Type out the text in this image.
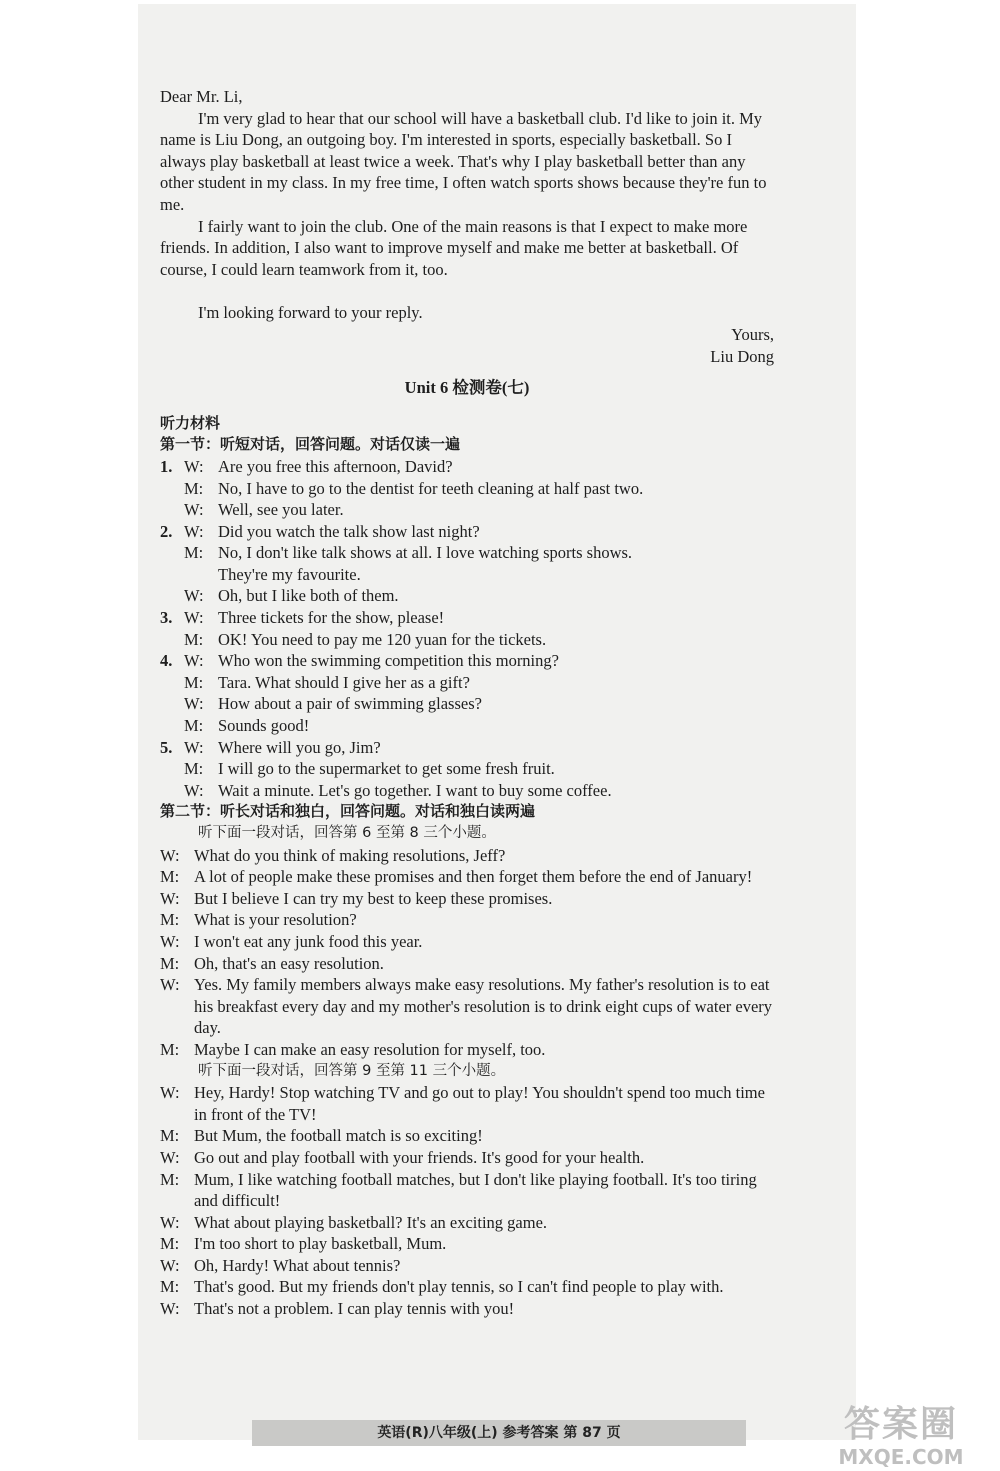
Dear Mr. Li,

I'm very glad to hear that our school will have a basketball club. I'd like to join it. My name is Liu Dong, an outgoing boy. I'm interested in sports, especially basketball. So I always play basketball at least twice a week. That's why I play basketball better than any other student in my class. In my free time, I often watch sports shows because they're fun to me.

I fairly want to join the club. One of the main reasons is that I expect to make more friends. In addition, I also want to improve myself and make me better at basketball. Of course, I could learn teamwork from it, too.

I'm looking forward to your reply.

Yours,

Liu Dong

Unit 6 检测卷(七)
听力材料
第一节：听短对话，回答问题。对话仅读一遍
1. W: Are you free this afternoon, David?
M: No, I have to go to the dentist for teeth cleaning at half past two.
W: Well, see you later.
2. W: Did you watch the talk show last night?
M: No, I don't like talk shows at all. I love watching sports shows.
They're my favourite.
W: Oh, but I like both of them.
3. W: Three tickets for the show, please!
M: OK! You need to pay me 120 yuan for the tickets.
4. W: Who won the swimming competition this morning?
M: Tara. What should I give her as a gift?
W: How about a pair of swimming glasses?
M: Sounds good!
5. W: Where will you go, Jim?
M: I will go to the supermarket to get some fresh fruit.
W: Wait a minute. Let's go together. I want to buy some coffee.
第二节：听长对话和独白，回答问题。对话和独白读两遍
听下面一段对话，回答第 6 至第 8 三个小题。
W: What do you think of making resolutions, Jeff?
M: A lot of people make these promises and then forget them before the end of January!
W: But I believe I can try my best to keep these promises.
M: What is your resolution?
W: I won't eat any junk food this year.
M: Oh, that's an easy resolution.
W: Yes. My family members always make easy resolutions. My father's resolution is to eat his breakfast every day and my mother's resolution is to drink eight cups of water every day.
M: Maybe I can make an easy resolution for myself, too.
听下面一段对话，回答第 9 至第 11 三个小题。
W: Hey, Hardy! Stop watching TV and go out to play! You shouldn't spend too much time in front of the TV!
M: But Mum, the football match is so exciting!
W: Go out and play football with your friends. It's good for your health.
M: Mum, I like watching football matches, but I don't like playing football. It's too tiring and difficult!
W: What about playing basketball? It's an exciting game.
M: I'm too short to play basketball, Mum.
W: Oh, Hardy! What about tennis?
M: That's good. But my friends don't play tennis, so I can't find people to play with.
W: That's not a problem. I can play tennis with you!
英语(R)八年级(上) 参考答案 第 87 页	答案圈
MXQE.COM
